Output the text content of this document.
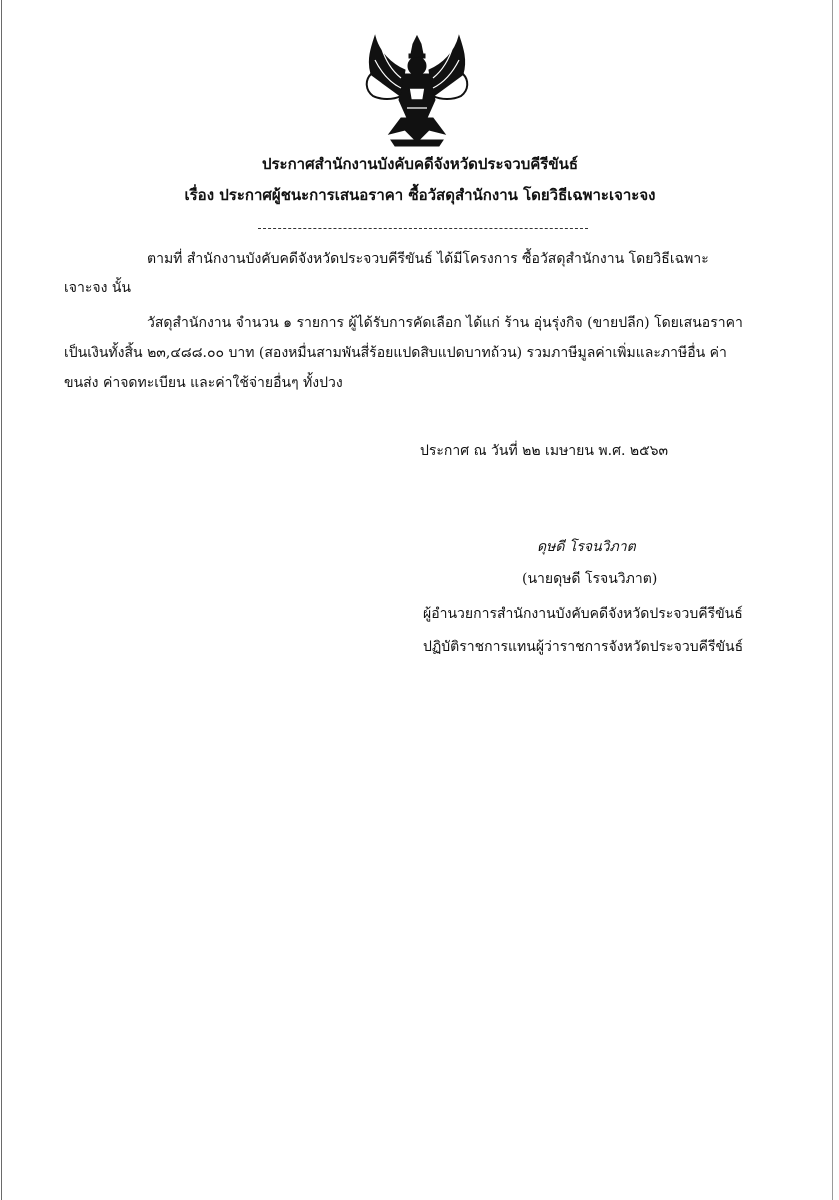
ประกาศสำนักงานบังคับคดีจังหวัดประจวบคีรีขันธ์
เรื่อง ประกาศผู้ชนะการเสนอราคา ซื้อวัสดุสำนักงาน โดยวิธีเฉพาะเจาะจง
ตามที่ สำนักงานบังคับคดีจังหวัดประจวบคีรีขันธ์ ได้มีโครงการ ซื้อวัสดุสำนักงาน โดยวิธีเฉพาะ
เจาะจง นั้น
วัสดุสำนักงาน จำนวน ๑ รายการ ผู้ได้รับการคัดเลือก ได้แก่ ร้าน อุ่นรุ่งกิจ (ขายปลีก) โดยเสนอราคา
เป็นเงินทั้งสิ้น ๒๓,๔๘๘.๐๐ บาท (สองหมื่นสามพันสี่ร้อยแปดสิบแปดบาทถ้วน) รวมภาษีมูลค่าเพิ่มและภาษีอื่น ค่า
ขนส่ง ค่าจดทะเบียน และค่าใช้จ่ายอื่นๆ ทั้งปวง
ประกาศ ณ วันที่ ๒๒ เมษายน พ.ศ. ๒๕๖๓
ดุษดี โรจนวิภาต
(นายดุษดี โรจนวิภาต)
ผู้อำนวยการสำนักงานบังคับคดีจังหวัดประจวบคีรีขันธ์
ปฏิบัติราชการแทนผู้ว่าราชการจังหวัดประจวบคีรีขันธ์
